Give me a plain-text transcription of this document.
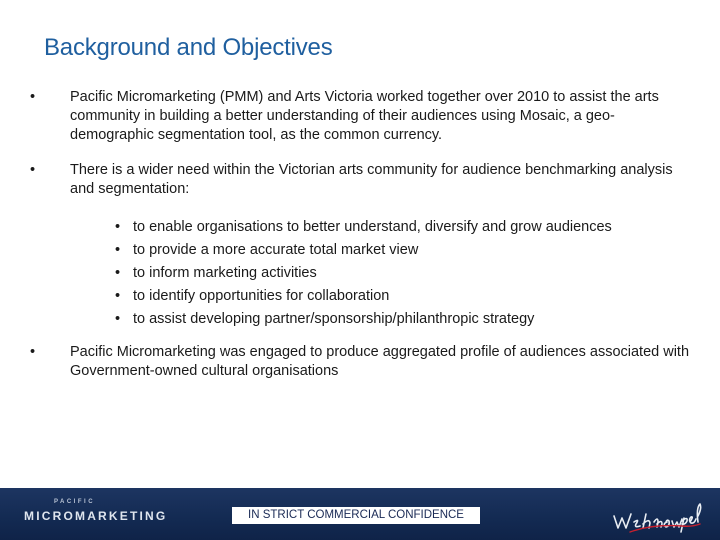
Background and Objectives
•	Pacific Micromarketing (PMM) and Arts Victoria worked together over 2010 to assist the arts community in building a better understanding of their audiences using Mosaic, a geo-demographic segmentation tool, as the common currency.
•	There is a wider need within the Victorian arts community for audience benchmarking analysis and segmentation:
• to enable organisations to better understand, diversify and grow audiences
• to provide a more accurate total market view
• to inform marketing activities
• to identify opportunities for collaboration
• to assist developing partner/sponsorship/philanthropic strategy
•	Pacific Micromarketing was engaged to produce aggregated profile of audiences associated with Government-owned cultural organisations
PACIFIC
MICROMARKETING	IN STRICT COMMERCIAL CONFIDENCE
